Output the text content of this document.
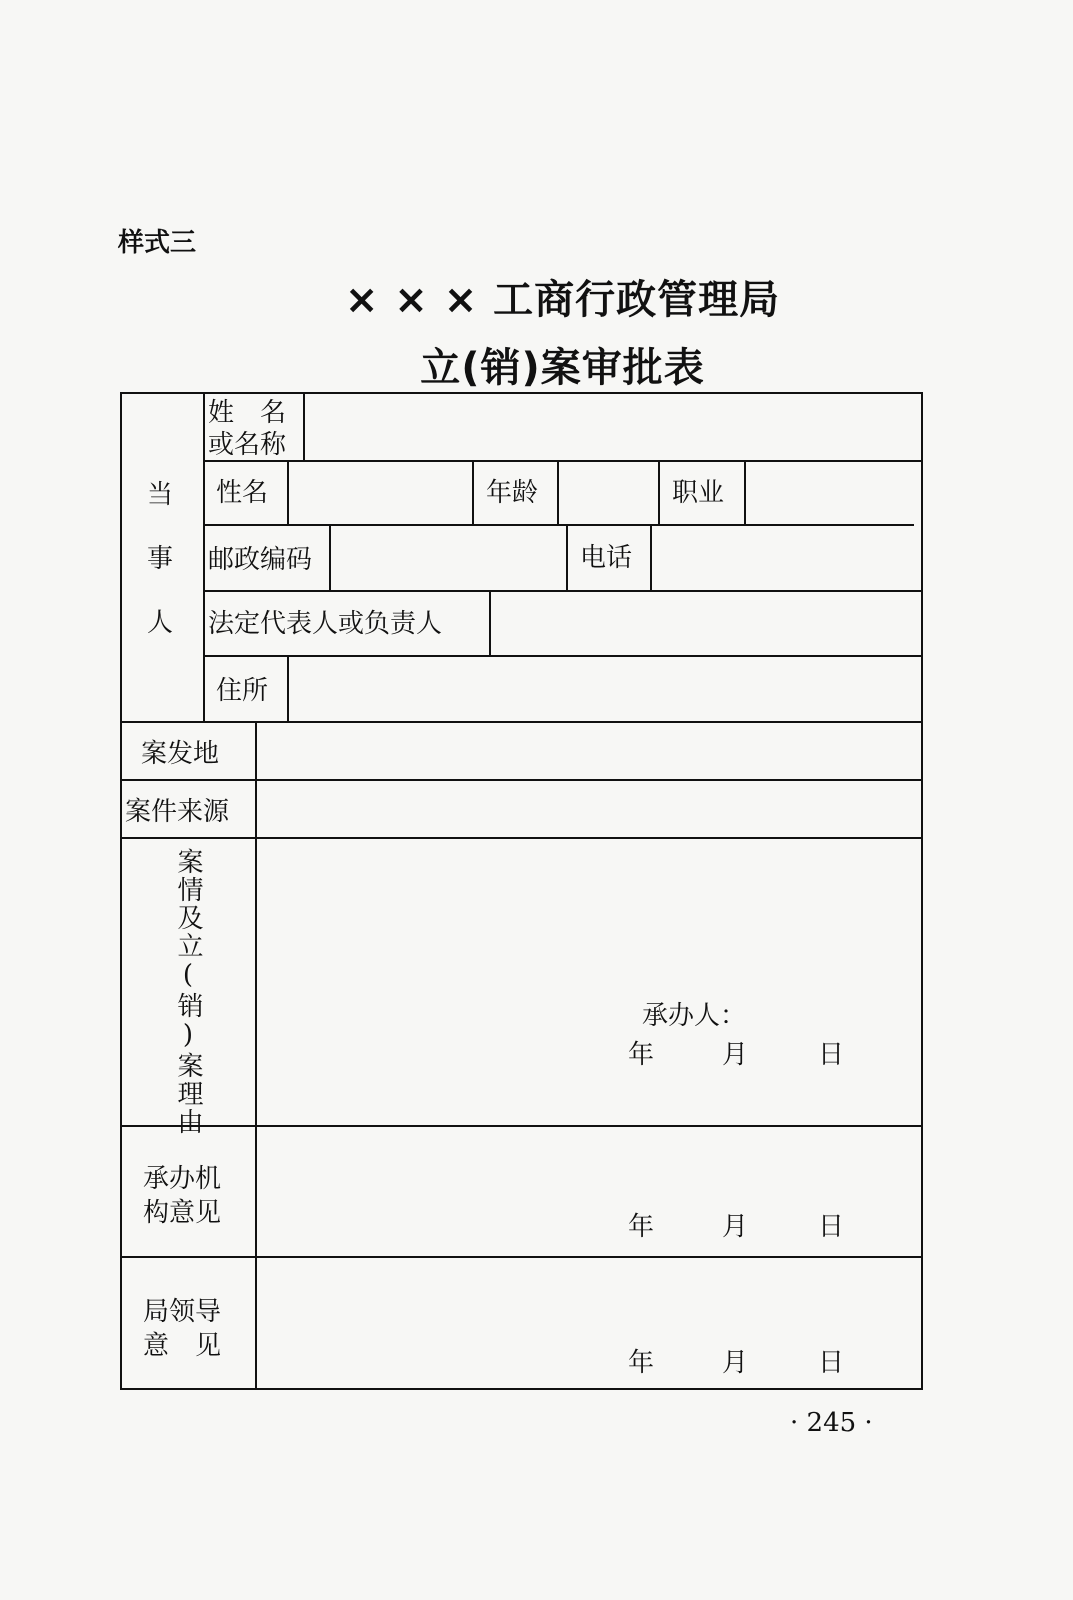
样式三
× × × 工商行政管理局
立(销)案审批表
当
事
人
姓　名
或名称
性名	年龄	职业
邮政编码	电话
法定代表人或负责人
住所
案发地
案件来源
案情及立(销)案理由	承办人：
年	月	日
承办机
构意见	年	月	日
局领导
意　见
年	月	日
· 245 ·
